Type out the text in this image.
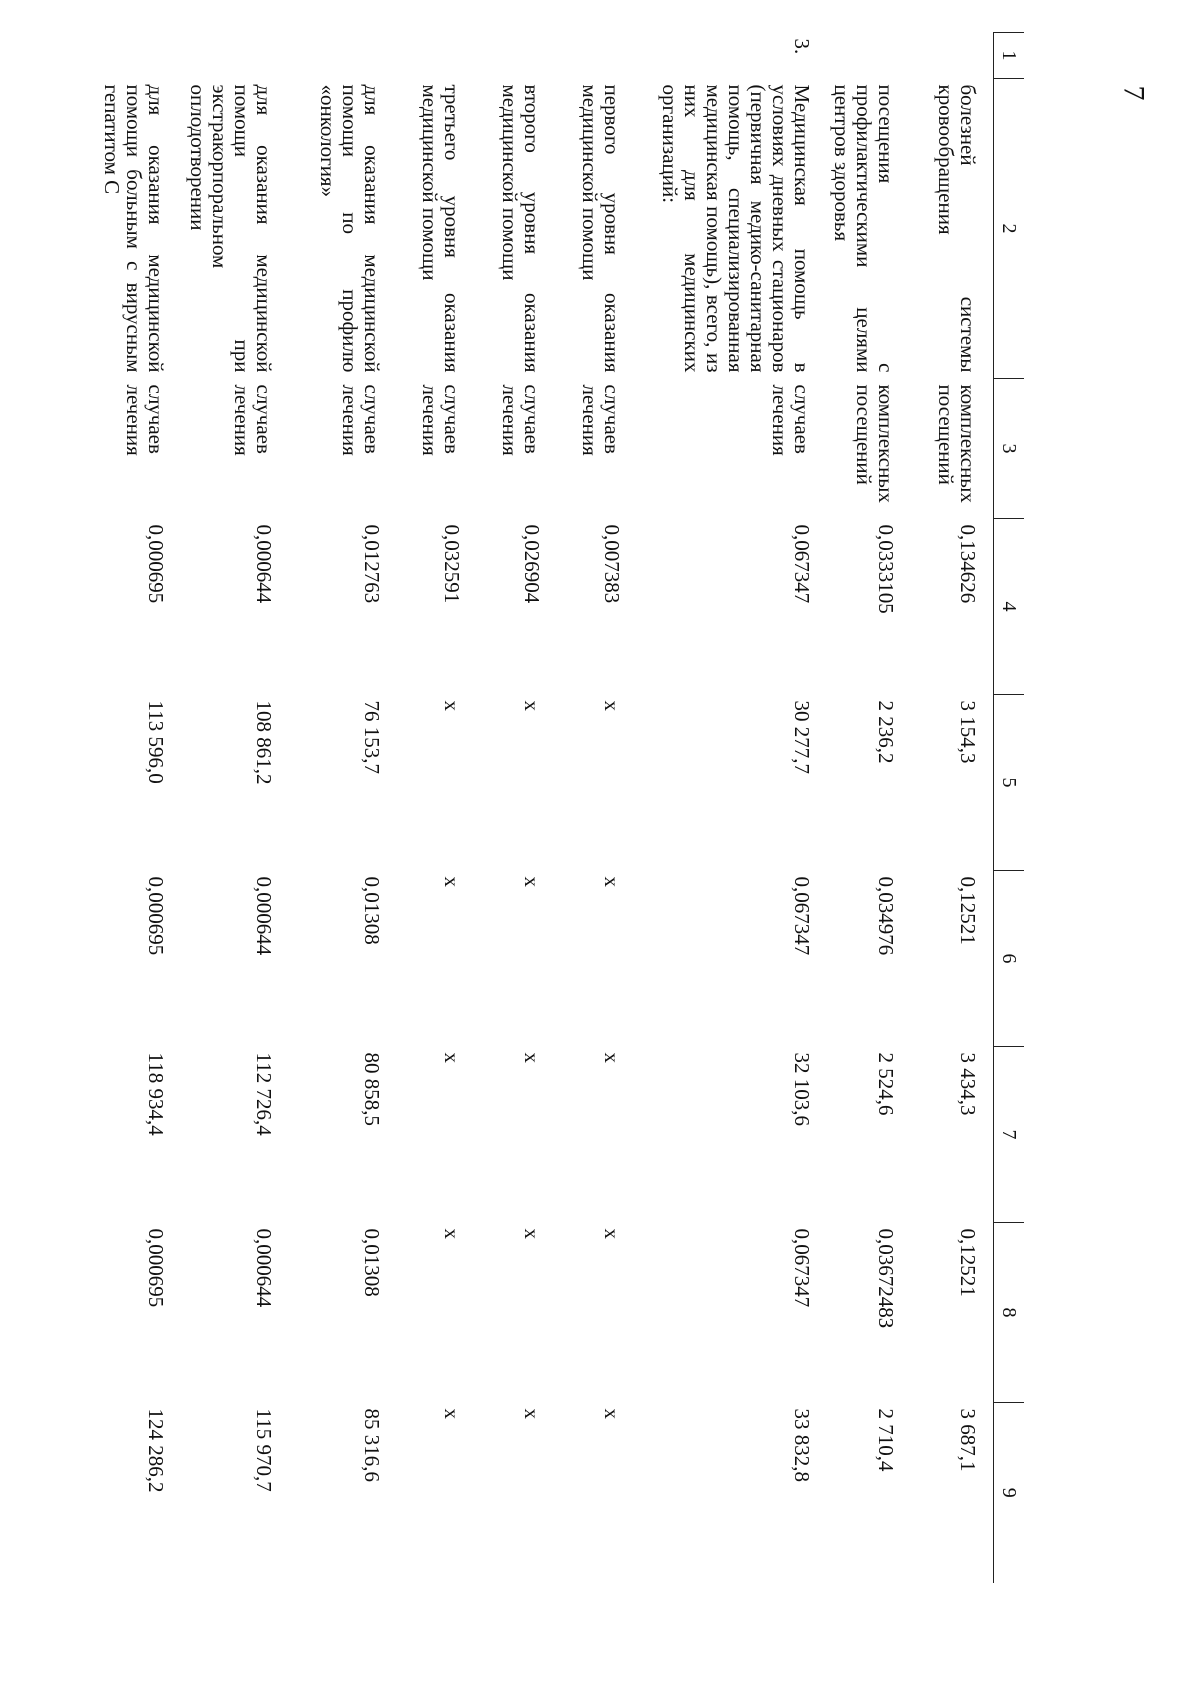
7
1	2	3	4	5	6	7	8	9
	болезней системы кровообращения	комплексных посещений	0,134626	3 154,3	0,12521	3 434,3	0,12521	3 687,1
	посещения с профилактическими целями центров здоровья	комплексных посещений	0,0333105	2 236,2	0,034976	2 524,6	0,0367248З	2 710,4
3.	Медицинская помощь в условиях дневных стационаров (первичная медико-санитарная помощь, специализированная медицинская помощь), всего, из них для медицинских организаций:	случаев лечения	0,067347	30 277,7	0,067347	32 103,6	0,067347	33 832,8
	первого уровня оказания медицинской помощи	случаев лечения	0,007383	х	х	х	х	х
	второго уровня оказания медицинской помощи	случаев лечения	0,026904	х	х	х	х	х
	третьего уровня оказания медицинской помощи	случаев лечения	0,032591	х	х	х	х	х
	для оказания медицинской помощи по профилю «онкология»	случаев лечения	0,012763	76 153,7	0,01308	80 858,5	0,01308	85 316,6
	для оказания медицинской помощи при экстракорпоральном оплодотворении	случаев лечения	0,000644	108 861,2	0,000644	112 726,4	0,000644	115 970,7
	для оказания медицинской помощи больным с вирусным гепатитом С	случаев лечения	0,000695	113 596,0	0,000695	118 934,4	0,000695	124 286,2
